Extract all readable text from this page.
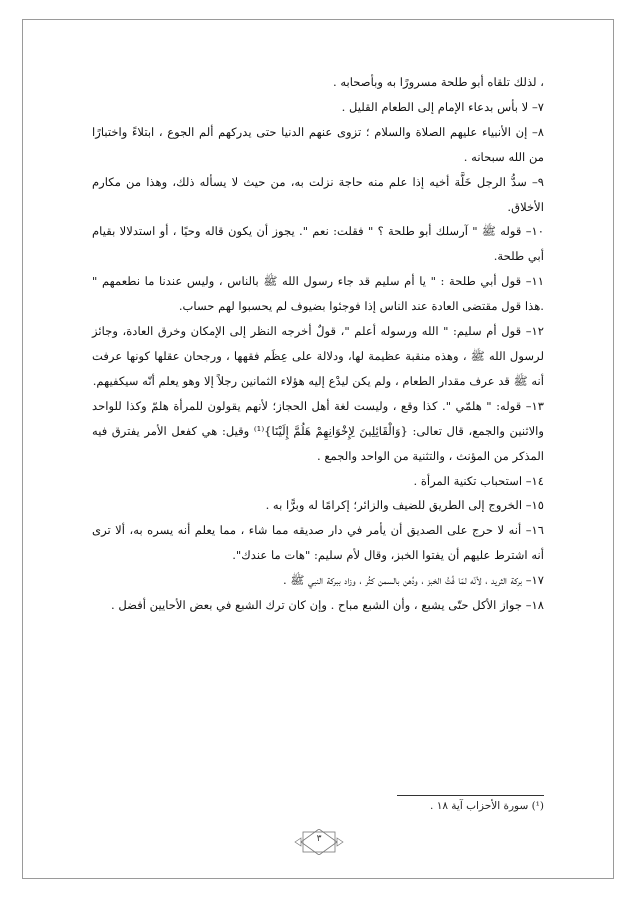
، لذلك تلقاه أبو طلحة مسرورًا به وبأصحابه .

٧– لا بأس بدعاء الإمام إلى الطعام القليل .

٨– إن الأنبياء عليهم الصلاة والسلام ؛ تزوى عنهم الدنيا حتى يدركهم ألم الجوع ، ابتلاءً واختبارًا من الله سبحانه .

٩– سدُّ الرجل خَلَّة أخيه إذا علم منه حاجة نزلت به، من حيث لا يسأله ذلك، وهذا من مكارم الأخلاق.

١٠– قوله ﷺ " آرسلك أبو طلحة ؟ " فقلت: نعم ". يجوز أن يكون قاله وحيًا ، أو استدلالا بقيام أبي طلحة.

١١– قول أبي طلحة : " يا أم سليم قد جاء رسول الله ﷺ بالناس ، وليس عندنا ما نطعمهم " .هذا قول مقتضى العادة عند الناس إذا فوجئوا بضيوف لم يحسبوا لهم حساب.

١٢– قول أم سليم: " الله ورسوله أعلم "، قولٌ أخرجه النظر إلى الإمكان وخرق العادة، وجائز لرسول الله ﷺ ، وهذه منقبة عظيمة لها، ودلالة على عِظَم فقهها ، ورجحان عقلها كونها عرفت أنه ﷺ قد عرف مقدار الطعام ، ولم يكن ليدْع إليه هؤلاء الثمانين رجلاً إلا وهو يعلم أنّه سيكفيهم.

١٣– قوله: " هلمّي ". كذا وقع ، وليست لغة أهل الحجاز؛ لأنهم يقولون للمرأة هلمّ وكذا للواحد والاثنين والجمع، قال تعالى: {وَالْقَائِلِينَ لِإِخْوَانِهِمْ هَلُمَّ إِلَيْنَا}⁽¹⁾ وقيل: هي كفعل الأمر يفترق فيه المذكر من المؤنث ، والتثنية من الواحد والجمع .

١٤– استحباب تكنية المرأة .

١٥– الخروج إلى الطريق للضيف والزائر؛ إكرامًا له وبرًّا به .

١٦– أنه لا حرج على الصديق أن يأمر في دار صديقه مما شاء ، مما يعلم أنه يسره به، ألا ترى أنه اشترط عليهم أن يفتوا الخبز، وقال لأم سليم: "هات ما عندك".

١٧– بركة الثريد ، لأنّه لمّا فُتَّ الخبز ، ودُهن بالسمن كثُر ، وزاد ببركة النبي ﷺ .

١٨– جواز الأكل حتّى يشبع ، وأن الشبع مباح . وإن كان ترك الشبع في بعض الأحايين أفضل .

(¹) سورة الأحزاب آية ١٨ .
٣
